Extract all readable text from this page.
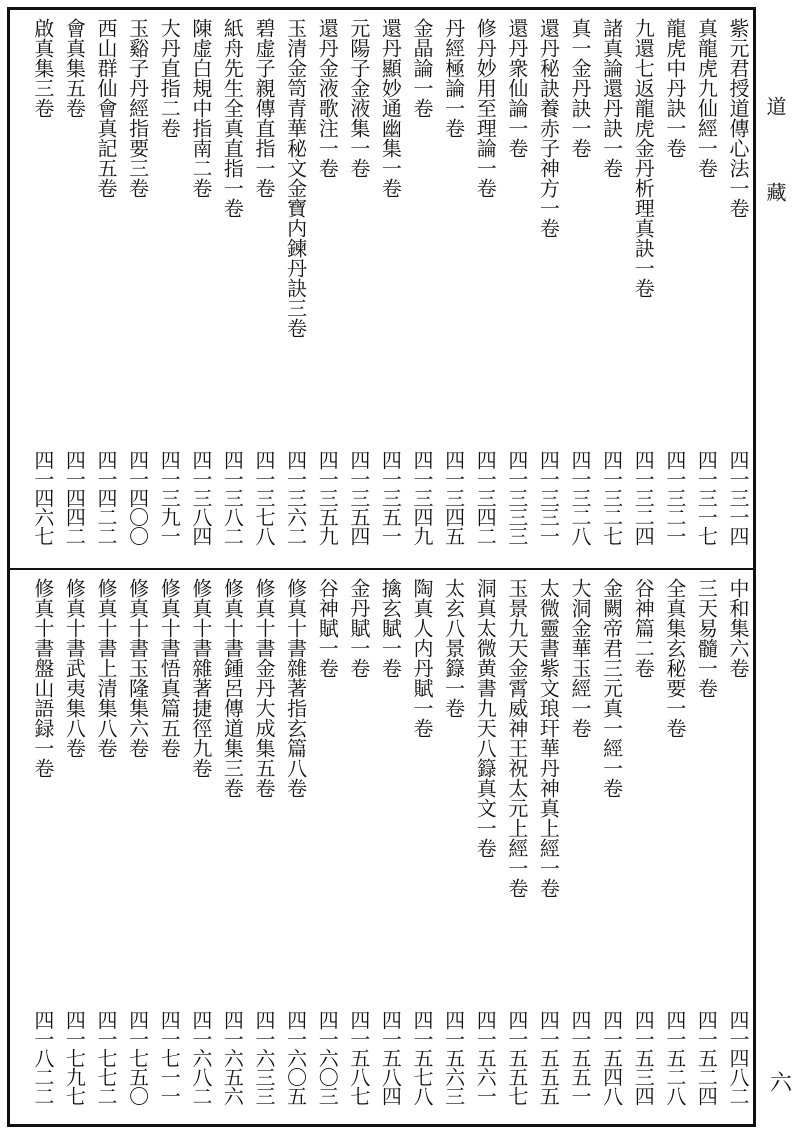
紫元君授道傳心法一卷
四一三一四
真龍虎九仙經一卷
四一三一七
龍虎中丹訣一卷
四一三二一
九還七返龍虎金丹析理真訣一卷
四一三二四
諸真論還丹訣一卷
四一三二七
真一金丹訣一卷
四一三二八
還丹秘訣養赤子神方一卷
四一三三一
還丹衆仙論一卷
四一三三三
修丹妙用至理論一卷
四一三四二
丹經極論一卷
四一三四五
金晶論一卷
四一三四九
還丹顯妙通幽集一卷
四一三五一
元陽子金液集一卷
四一三五四
還丹金液歌注一卷
四一三五九
玉清金笥青華秘文金寶内鍊丹訣三卷
四一三六二
碧虚子親傳直指一卷
四一三七八
紙舟先生全真直指一卷
四一三八二
陳虚白規中指南二卷
四一三八四
大丹直指二卷
四一三九一
玉谿子丹經指要三卷
四一四〇〇
西山群仙會真記五卷
四一四二二
會真集五卷
四一四四二
啟真集三卷
四一四六七
中和集六卷
四一四八二
三天易髓一卷
四一五二四
全真集玄秘要一卷
四一五二八
谷神篇二卷
四一五三四
金闕帝君三元真一經一卷
四一五四八
大洞金華玉經一卷
四一五五一
太微靈書紫文琅玕華丹神真上經一卷
四一五五五
玉景九天金霄威神王祝太元上經一卷
四一五五七
洞真太微黄書九天八籙真文一卷
四一五六一
太玄八景籙一卷
四一五六三
陶真人内丹賦一卷
四一五七八
擒玄賦一卷
四一五八四
金丹賦一卷
四一五八七
谷神賦一卷
四一六〇三
修真十書雜著指玄篇八卷
四一六〇五
修真十書金丹大成集五卷
四一六三三
修真十書鍾呂傳道集三卷
四一六五六
修真十書雜著捷徑九卷
四一六八二
修真十書悟真篇五卷
四一七一一
修真十書玉隆集六卷
四一七五〇
修真十書上清集八卷
四一七七二
修真十書武夷集八卷
四一七九七
修真十書盤山語録一卷
四一八二二
道
藏
六
